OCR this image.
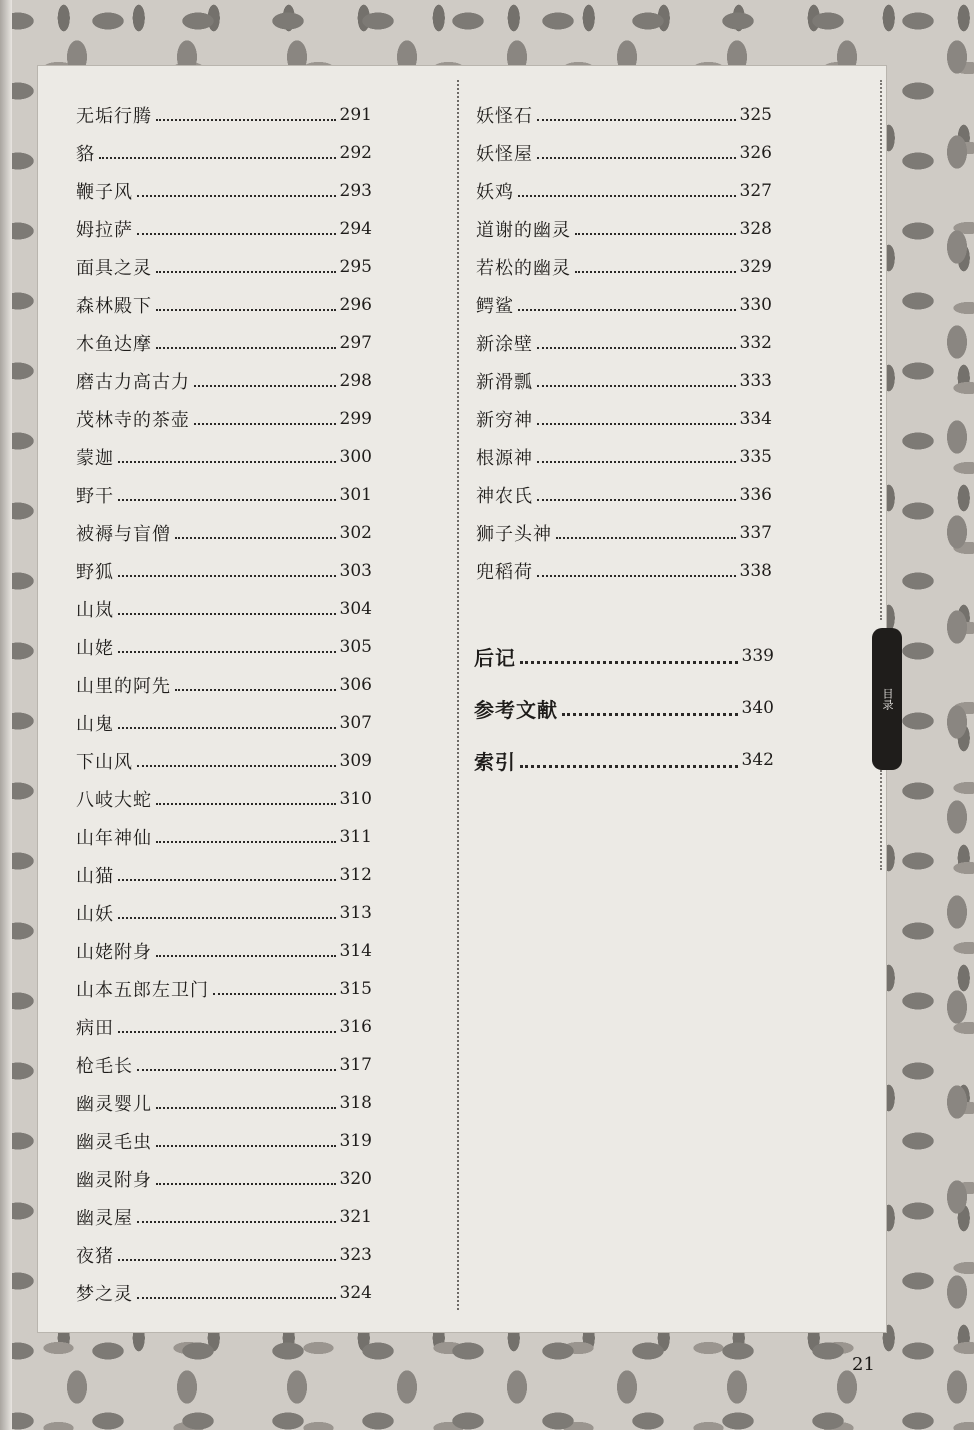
无垢行腾	291
貉	292
鞭子风	293
姆拉萨	294
面具之灵	295
森林殿下	296
木鱼达摩	297
磨古力高古力	298
茂林寺的茶壶	299
蒙迦	300
野干	301
被褥与盲僧	302
野狐	303
山岚	304
山姥	305
山里的阿先	306
山鬼	307
下山风	309
八岐大蛇	310
山年神仙	311
山猫	312
山妖	313
山姥附身	314
山本五郎左卫门	315
病田	316
枪毛长	317
幽灵婴儿	318
幽灵毛虫	319
幽灵附身	320
幽灵屋	321
夜猪	323
梦之灵	324
妖怪石	325
妖怪屋	326
妖鸡	327
道谢的幽灵	328
若松的幽灵	329
鳄鲨	330
新涂壁	332
新滑瓢	333
新穷神	334
根源神	335
神农氏	336
狮子头神	337
兜稻荷	338
后记	339
参考文献	340
索引	342
目录
21
